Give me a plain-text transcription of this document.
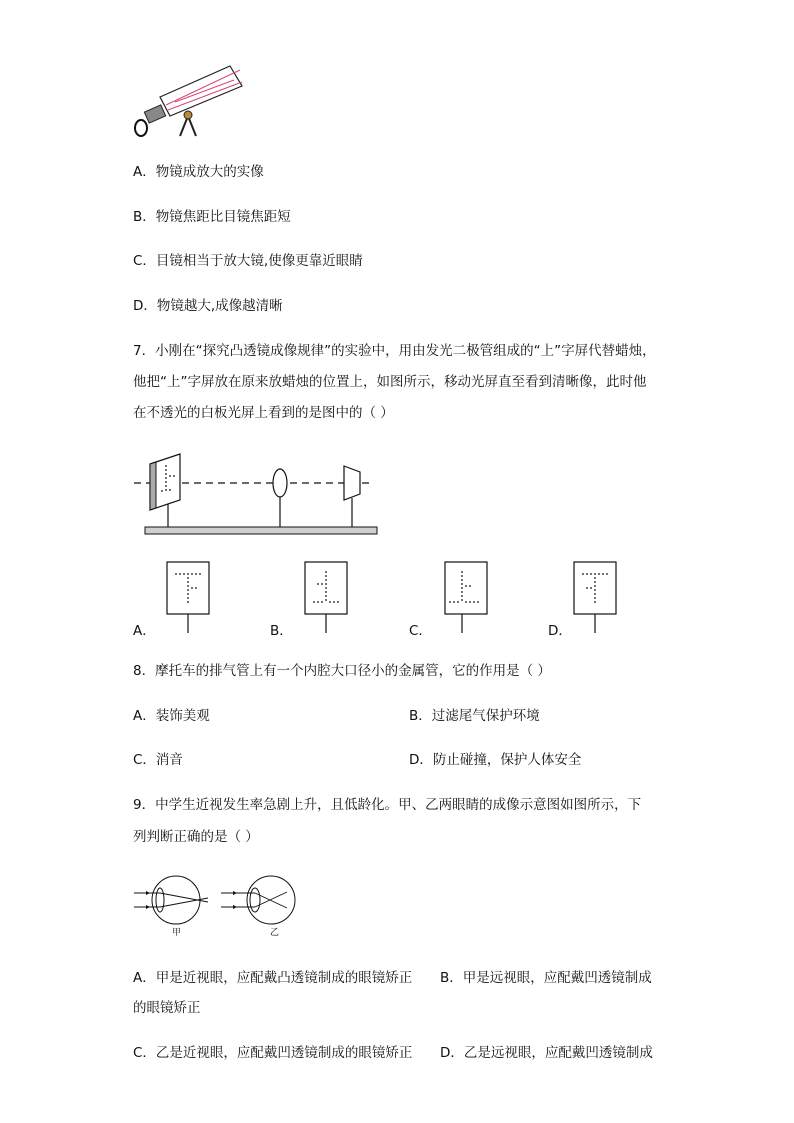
A．物镜成放大的实像
B．物镜焦距比目镜焦距短
C．目镜相当于放大镜,使像更靠近眼睛
D．物镜越大,成像越清晰
7．小刚在“探究凸透镜成像规律”的实验中，用由发光二极管组成的“上”字屏代替蜡烛，
他把“上”字屏放在原来放蜡烛的位置上，如图所示，移动光屏直至看到清晰像，此时他
在不透光的白板光屏上看到的是图中的（ ）
A．	B．	C．	D．
8．摩托车的排气管上有一个内腔大口径小的金属管，它的作用是（ ）
A．装饰美观	B．过滤尾气保护环境
C．消音	D．防止碰撞，保护人体安全
9．中学生近视发生率急剧上升，且低龄化。甲、乙两眼睛的成像示意图如图所示，下
列判断正确的是（ ）
甲	乙
A．甲是近视眼，应配戴凸透镜制成的眼镜矫正 B．甲是远视眼，应配戴凹透镜制成
的眼镜矫正
C．乙是近视眼，应配戴凹透镜制成的眼镜矫正 D．乙是远视眼，应配戴凹透镜制成
